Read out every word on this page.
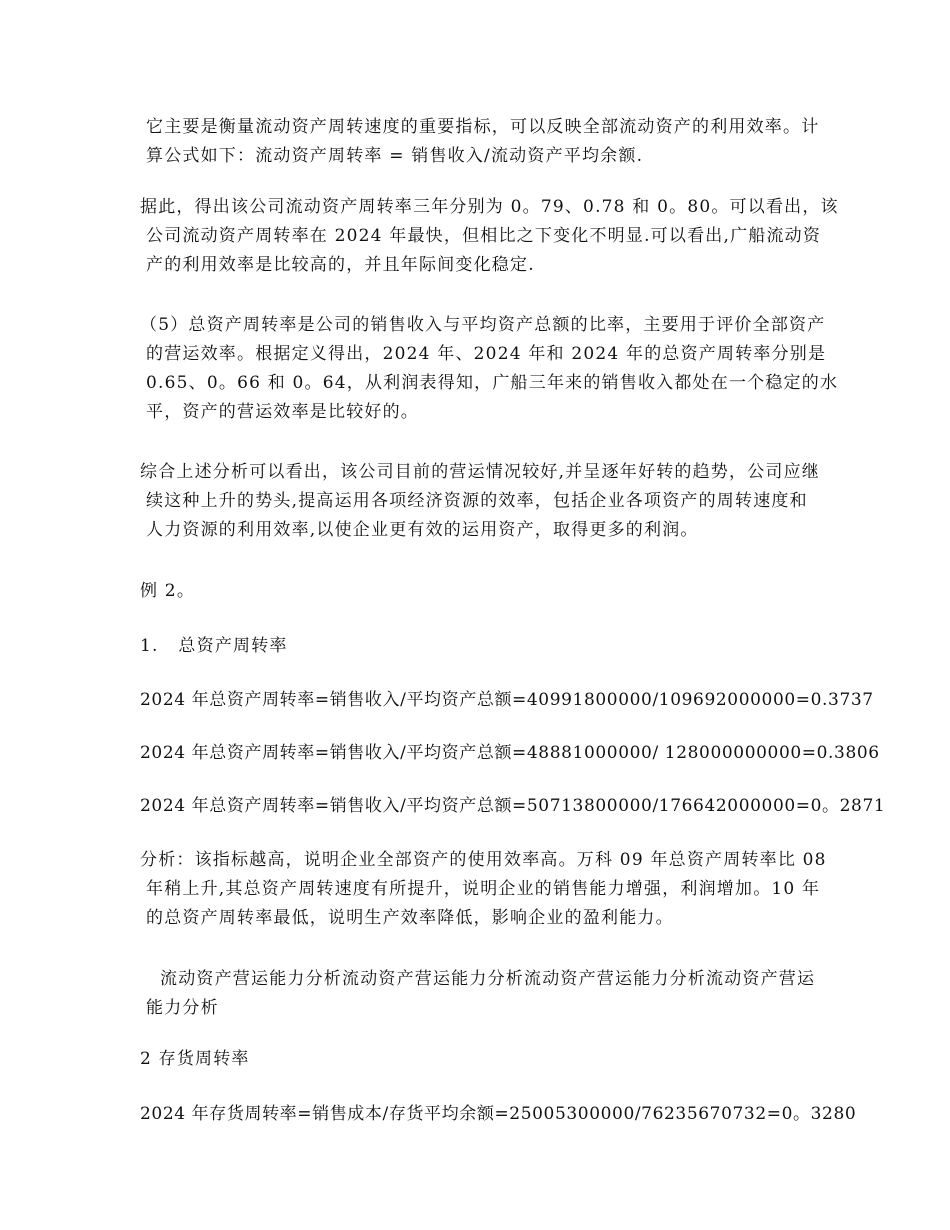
它主要是衡量流动资产周转速度的重要指标，可以反映全部流动资产的利用效率。计
算公式如下：流动资产周转率 = 销售收入/流动资产平均余额.
据此，得出该公司流动资产周转率三年分别为 0。79、0.78 和 0。80。可以看出，该
公司流动资产周转率在 2024 年最快，但相比之下变化不明显.可以看出,广船流动资
产的利用效率是比较高的，并且年际间变化稳定.
（5）总资产周转率是公司的销售收入与平均资产总额的比率，主要用于评价全部资产
的营运效率。根据定义得出，2024 年、2024 年和 2024 年的总资产周转率分别是
0.65、0。66 和 0。64，从利润表得知，广船三年来的销售收入都处在一个稳定的水
平，资产的营运效率是比较好的。
综合上述分析可以看出，该公司目前的营运情况较好,并呈逐年好转的趋势，公司应继
续这种上升的势头,提高运用各项经济资源的效率，包括企业各项资产的周转速度和
人力资源的利用效率,以使企业更有效的运用资产，取得更多的利润。
例 2。
1.   总资产周转率
2024 年总资产周转率=销售收入/平均资产总额=40991800000/109692000000=0.3737
2024 年总资产周转率=销售收入/平均资产总额=48881000000/ 128000000000=0.3806
2024 年总资产周转率=销售收入/平均资产总额=50713800000/176642000000=0。2871
分析：该指标越高，说明企业全部资产的使用效率高。万科 09 年总资产周转率比 08
年稍上升,其总资产周转速度有所提升，说明企业的销售能力增强，利润增加。10 年
的总资产周转率最低，说明生产效率降低，影响企业的盈利能力。
流动资产营运能力分析流动资产营运能力分析流动资产营运能力分析流动资产营运
能力分析
2 存货周转率
2024 年存货周转率=销售成本/存货平均余额=25005300000/76235670732=0。3280
